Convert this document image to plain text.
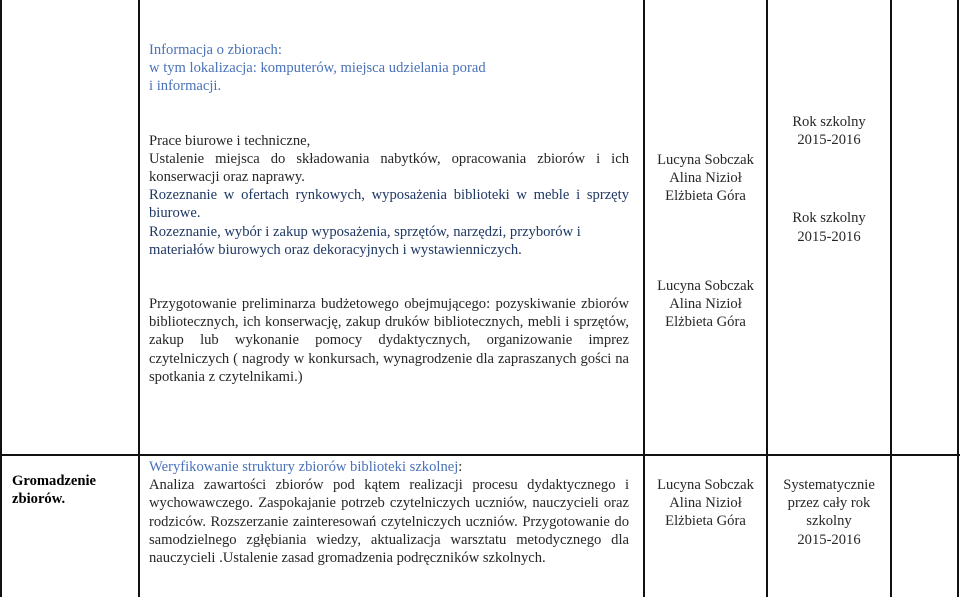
Informacja o zbiorach:
w tym lokalizacja: komputerów, miejsca udzielania porad
i informacji.

Prace biurowe i techniczne,

Ustalenie miejsca do składowania nabytków, opracowania zbiorów i ich konserwacji oraz naprawy.

Rozeznanie w ofertach rynkowych, wyposażenia biblioteki w meble i sprzęty biurowe.

Rozeznanie, wybór i zakup wyposażenia, sprzętów, narzędzi, przyborów i materiałów biurowych oraz dekoracyjnych i wystawienniczych.

Lucyna Sobczak
Alina Nizioł
Elżbieta Góra
Rok szkolny
2015-2016
Rok szkolny
2015-2016
Przygotowanie preliminarza budżetowego obejmującego: pozyskiwanie zbiorów bibliotecznych, ich konserwację, zakup druków bibliotecznych, mebli i sprzętów, zakup lub wykonanie pomocy dydaktycznych, organizowanie imprez czytelniczych ( nagrody w konkursach, wynagrodzenie dla zapraszanych gości na spotkania z czytelnikami.)
Lucyna Sobczak
Alina Nizioł
Elżbieta Góra
Gromadzenie
zbiorów.
Weryfikowanie struktury zbiorów biblioteki szkolnej:

Analiza zawartości zbiorów pod kątem realizacji procesu dydaktycznego i wychowawczego. Zaspokajanie potrzeb czytelniczych uczniów, nauczycieli oraz rodziców. Rozszerzanie zainteresowań czytelniczych uczniów. Przygotowanie do samodzielnego zgłębiania wiedzy, aktualizacja warsztatu metodycznego dla nauczycieli .Ustalenie zasad gromadzenia podręczników szkolnych.

Lucyna Sobczak
Alina Nizioł
Elżbieta Góra
Systematycznie
przez cały rok
szkolny
2015-2016
